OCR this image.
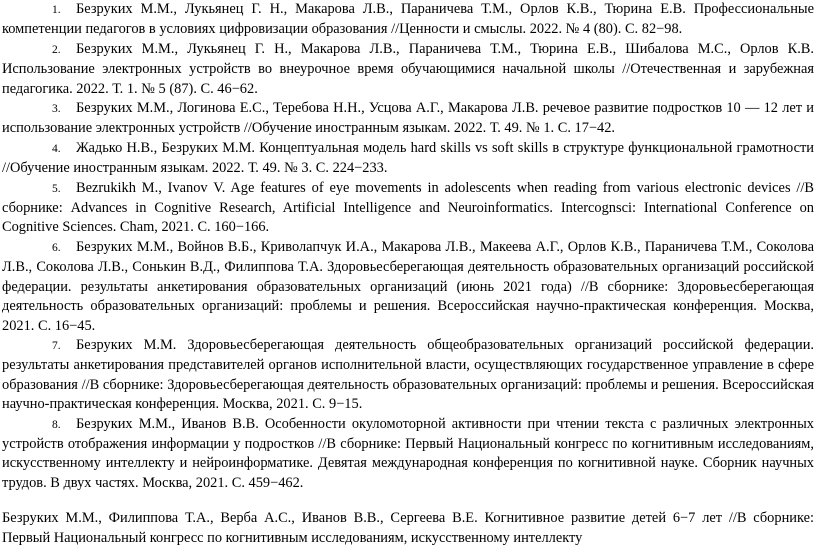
1. Безруких М.М., Лукьянец Г. Н., Макарова Л.В., Параничева Т.М., Орлов К.В., Тюрина Е.В. Профессиональные компетенции педагогов в условиях цифровизации образования //Ценности и смыслы. 2022. № 4 (80). С. 82−98.

2. Безруких М.М., Лукьянец Г. Н., Макарова Л.В., Параничева Т.М., Тюрина Е.В., Шибалова М.С., Орлов К.В. Использование электронных устройств во внеурочное время обучающимися начальной школы //Отечественная и зарубежная педагогика. 2022. Т. 1. № 5 (87). С. 46−62.

3. Безруких М.М., Логинова Е.С., Теребова Н.Н., Усцова А.Г., Макарова Л.В. речевое развитие подростков 10 — 12 лет и использование электронных устройств //Обучение иностранным языкам. 2022. Т. 49. № 1. С. 17−42.

4. Жадько Н.В., Безруких М.М. Концептуальная модель hard skills vs soft skills в структуре функциональной грамотности //Обучение иностранным языкам. 2022. Т. 49. № 3. С. 224−233.

5. Bezrukikh M., Ivanov V. Age features of eye movements in adolescents when reading from various electronic devices //В сборнике: Advances in Cognitive Research, Artificial Intelligence and Neuroinformatics. Intercognsci: International Conference on Cognitive Sciences. Cham, 2021. С. 160−166.

6. Безруких М.М., Войнов В.Б., Криволапчук И.А., Макарова Л.В., Макеева А.Г., Орлов К.В., Параничева Т.М., Соколова Л.В., Соколова Л.В., Сонькин В.Д., Филиппова Т.А. Здоровьесберегающая деятельность образовательных организаций российской федерации. результаты анкетирования образовательных организаций (июнь 2021 года) //В сборнике: Здоровьесберегающая деятельность образовательных организаций: проблемы и решения. Всероссийская научно-практическая конференция. Москва, 2021. С. 16−45.

7. Безруких М.М. Здоровьесберегающая деятельность общеобразовательных организаций российской федерации. результаты анкетирования представителей органов исполнительной власти, осуществляющих государственное управление в сфере образования //В сборнике: Здоровьесберегающая деятельность образовательных организаций: проблемы и решения. Всероссийская научно-практическая конференция. Москва, 2021. С. 9−15.

8. Безруких М.М., Иванов В.В. Особенности окуломоторной активности при чтении текста с различных электронных устройств отображения информации у подростков //В сборнике: Первый Национальный конгресс по когнитивным исследованиям, искусственному интеллекту и нейроинформатике. Девятая международная конференция по когнитивной науке. Сборник научных трудов. В двух частях. Москва, 2021. С. 459−462.

Безруких М.М., Филиппова Т.А., Верба А.С., Иванов В.В., Сергеева В.Е. Когнитивное развитие детей 6−7 лет //В сборнике: Первый Национальный конгресс по когнитивным исследованиям, искусственному интеллекту
